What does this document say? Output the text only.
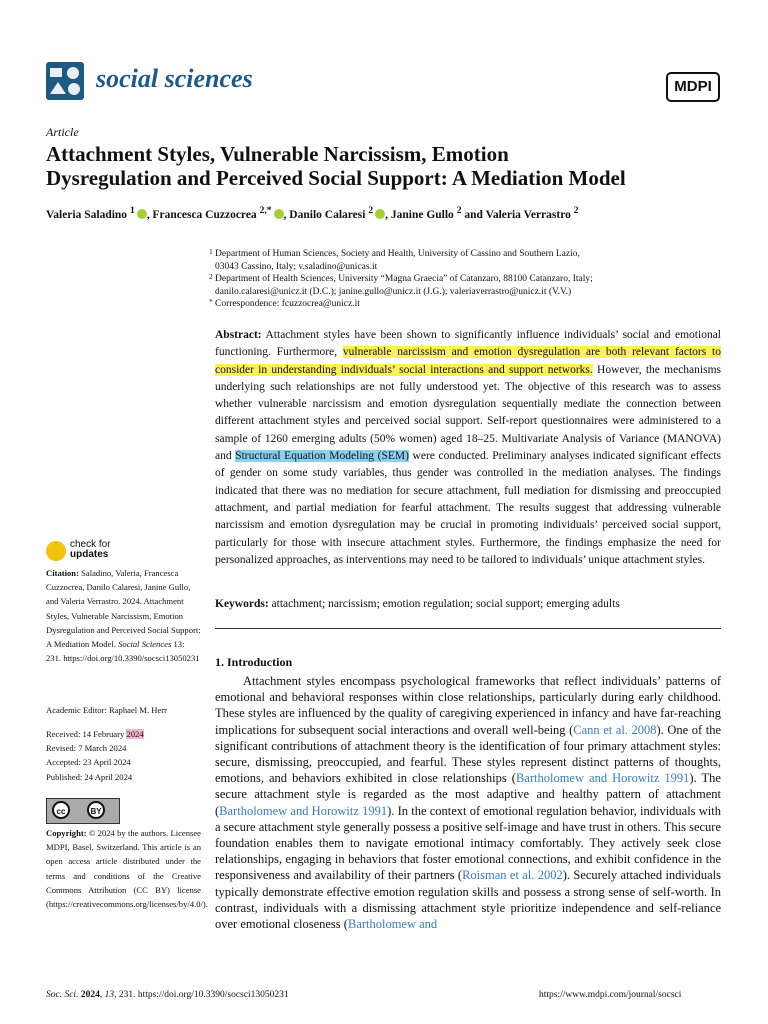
social sciences	MDPI
Article
Attachment Styles, Vulnerable Narcissism, Emotion
Dysregulation and Perceived Social Support: A Mediation Model
Valeria Saladino $^1$ , Francesca Cuzzocrea $^{2,*}$ , Danilo Calaresi $^2$ , Janine Gullo $^2$ and Valeria Verrastro $^2$
1 Department of Human Sciences, Society and Health, University of Cassino and Southern Lazio,
03043 Cassino, Italy; v.saladino@unicas.it
2 Department of Health Sciences, University “Magna Graecia” of Catanzaro, 88100 Catanzaro, Italy;
danilo.calaresi@unicz.it (D.C.); janine.gullo@unicz.it (J.G.); valeriaverrastro@unicz.it (V.V.)
* Correspondence: fcuzzocrea@unicz.it
Abstract: Attachment styles have been shown to significantly influence individuals’ social and emotional functioning. Furthermore, vulnerable narcissism and emotion dysregulation are both relevant factors to consider in understanding individuals’ social interactions and support networks. However, the mechanisms underlying such relationships are not fully understood yet. The objective of this research was to assess whether vulnerable narcissism and emotion dysregulation sequentially mediate the connection between different attachment styles and perceived social support. Self-report questionnaires were administered to a sample of 1260 emerging adults (50% women) aged 18–25. Multivariate Analysis of Variance (MANOVA) and Structural Equation Modeling (SEM) were conducted. Preliminary analyses indicated significant effects of gender on some study variables, thus gender was controlled in the mediation analyses. The findings indicated that there was no mediation for secure attachment, full mediation for dismissing and preoccupied attachment, and partial mediation for fearful attachment. The results suggest that addressing vulnerable narcissism and emotion dysregulation may be crucial in promoting individuals’ perceived social support, particularly for those with insecure attachment styles. Furthermore, the findings emphasize the need for personalized approaches, as interventions may need to be tailored to individuals’ unique attachment styles.
Keywords: attachment; narcissism; emotion regulation; social support; emerging adults
1. Introduction

Attachment styles encompass psychological frameworks that reflect individuals’ patterns of emotional and behavioral responses within close relationships, particularly during early childhood. These styles are influenced by the quality of caregiving experienced in infancy and have far-reaching implications for subsequent social interactions and overall well-being (Cann et al. 2008). One of the significant contributions of attachment theory is the identification of four primary attachment styles: secure, dismissing, preoccupied, and fearful. These styles represent distinct patterns of thoughts, emotions, and behaviors exhibited in close relationships (Bartholomew and Horowitz 1991). The secure attachment style is regarded as the most adaptive and healthy pattern of attachment (Bartholomew and Horowitz 1991). In the context of emotional regulation behavior, individuals with a secure attachment style generally possess a positive self-image and have trust in others. This secure foundation enables them to navigate emotional intimacy comfortably. They actively seek close relationships, engaging in behaviors that foster emotional connections, and exhibit confidence in the responsiveness and availability of their partners (Roisman et al. 2002). Securely attached individuals typically demonstrate effective emotion regulation skills and possess a strong sense of self-worth. In contrast, individuals with a dismissing attachment style prioritize independence and self-reliance over emotional closeness (Bartholomew and

check for
updates
Citation: Saladino, Valeria, Francesca Cuzzocrea, Danilo Calaresi, Janine Gullo, and Valeria Verrastro. 2024. Attachment Styles, Vulnerable Narcissism, Emotion Dysregulation and Perceived Social Support: A Mediation Model. Social Sciences 13: 231. https://doi.org/10.3390/socsci13050231
Academic Editor: Raphael M. Herr
Received: 14 February 2024
Revised: 7 March 2024
Accepted: 23 April 2024
Published: 24 April 2024
cc	BY
Copyright: © 2024 by the authors. Licensee MDPI, Basel, Switzerland. This article is an open access article distributed under the terms and conditions of the Creative Commons Attribution (CC BY) license (https://creativecommons.org/licenses/by/4.0/).
Soc. Sci. 2024, 13, 231. https://doi.org/10.3390/socsci13050231	https://www.mdpi.com/journal/socsci
